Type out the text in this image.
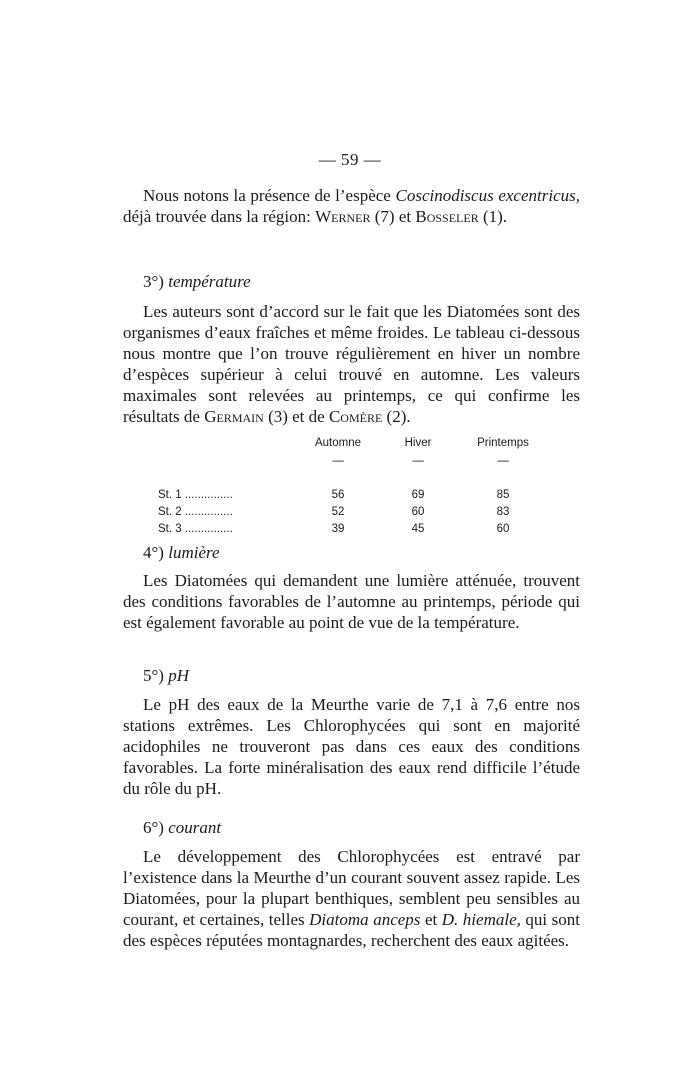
— 59 —
Nous notons la présence de l’espèce Coscinodiscus excentricus, déjà trouvée dans la région: Werner (7) et Bosseler (1).
3°) température
Les auteurs sont d’accord sur le fait que les Diatomées sont des organismes d’eaux fraîches et même froides. Le tableau ci-dessous nous montre que l’on trouve régulièrement en hiver un nombre d’espèces supérieur à celui trouvé en automne. Les valeurs maximales sont relevées au printemps, ce qui confirme les résultats de Germain (3) et de Comère (2).
	Automne	Hiver	Printemps
	—	—	—

St. 1 ...............	56	69	85
St. 2 ...............	52	60	83
St. 3 ...............	39	45	60
4°) lumière
Les Diatomées qui demandent une lumière atténuée, trouvent des conditions favorables de l’automne au printemps, période qui est également favorable au point de vue de la température.
5°) pH
Le pH des eaux de la Meurthe varie de 7,1 à 7,6 entre nos stations extrêmes. Les Chlorophycées qui sont en majorité acidophiles ne trouveront pas dans ces eaux des conditions favorables. La forte minéralisation des eaux rend difficile l’étude du rôle du pH.
6°) courant
Le développement des Chlorophycées est entravé par l’existence dans la Meurthe d’un courant souvent assez rapide. Les Diatomées, pour la plupart benthiques, semblent peu sensibles au courant, et certaines, telles Diatoma anceps et D. hiemale, qui sont des espèces réputées montagnardes, recherchent des eaux agitées.
